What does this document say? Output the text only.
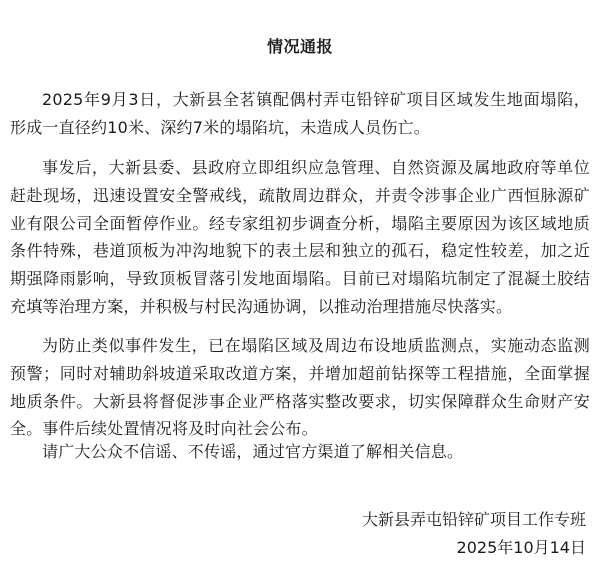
情况通报
2025年9月3日，大新县全茗镇配偶村弄屯铅锌矿项目区域发生地面塌陷，形成一直径约10米、深约7米的塌陷坑，未造成人员伤亡。
事发后，大新县委、县政府立即组织应急管理、自然资源及属地政府等单位赶赴现场，迅速设置安全警戒线，疏散周边群众，并责令涉事企业广西恒脉源矿业有限公司全面暂停作业。经专家组初步调查分析，塌陷主要原因为该区域地质条件特殊，巷道顶板为冲沟地貌下的表土层和独立的孤石，稳定性较差，加之近期强降雨影响，导致顶板冒落引发地面塌陷。目前已对塌陷坑制定了混凝土胶结充填等治理方案，并积极与村民沟通协调，以推动治理措施尽快落实。
为防止类似事件发生，已在塌陷区域及周边布设地质监测点，实施动态监测预警；同时对辅助斜坡道采取改道方案，并增加超前钻探等工程措施，全面掌握地质条件。大新县将督促涉事企业严格落实整改要求，切实保障群众生命财产安全。事件后续处置情况将及时向社会公布。
请广大公众不信谣、不传谣，通过官方渠道了解相关信息。
大新县弄屯铅锌矿项目工作专班
2025年10月14日
